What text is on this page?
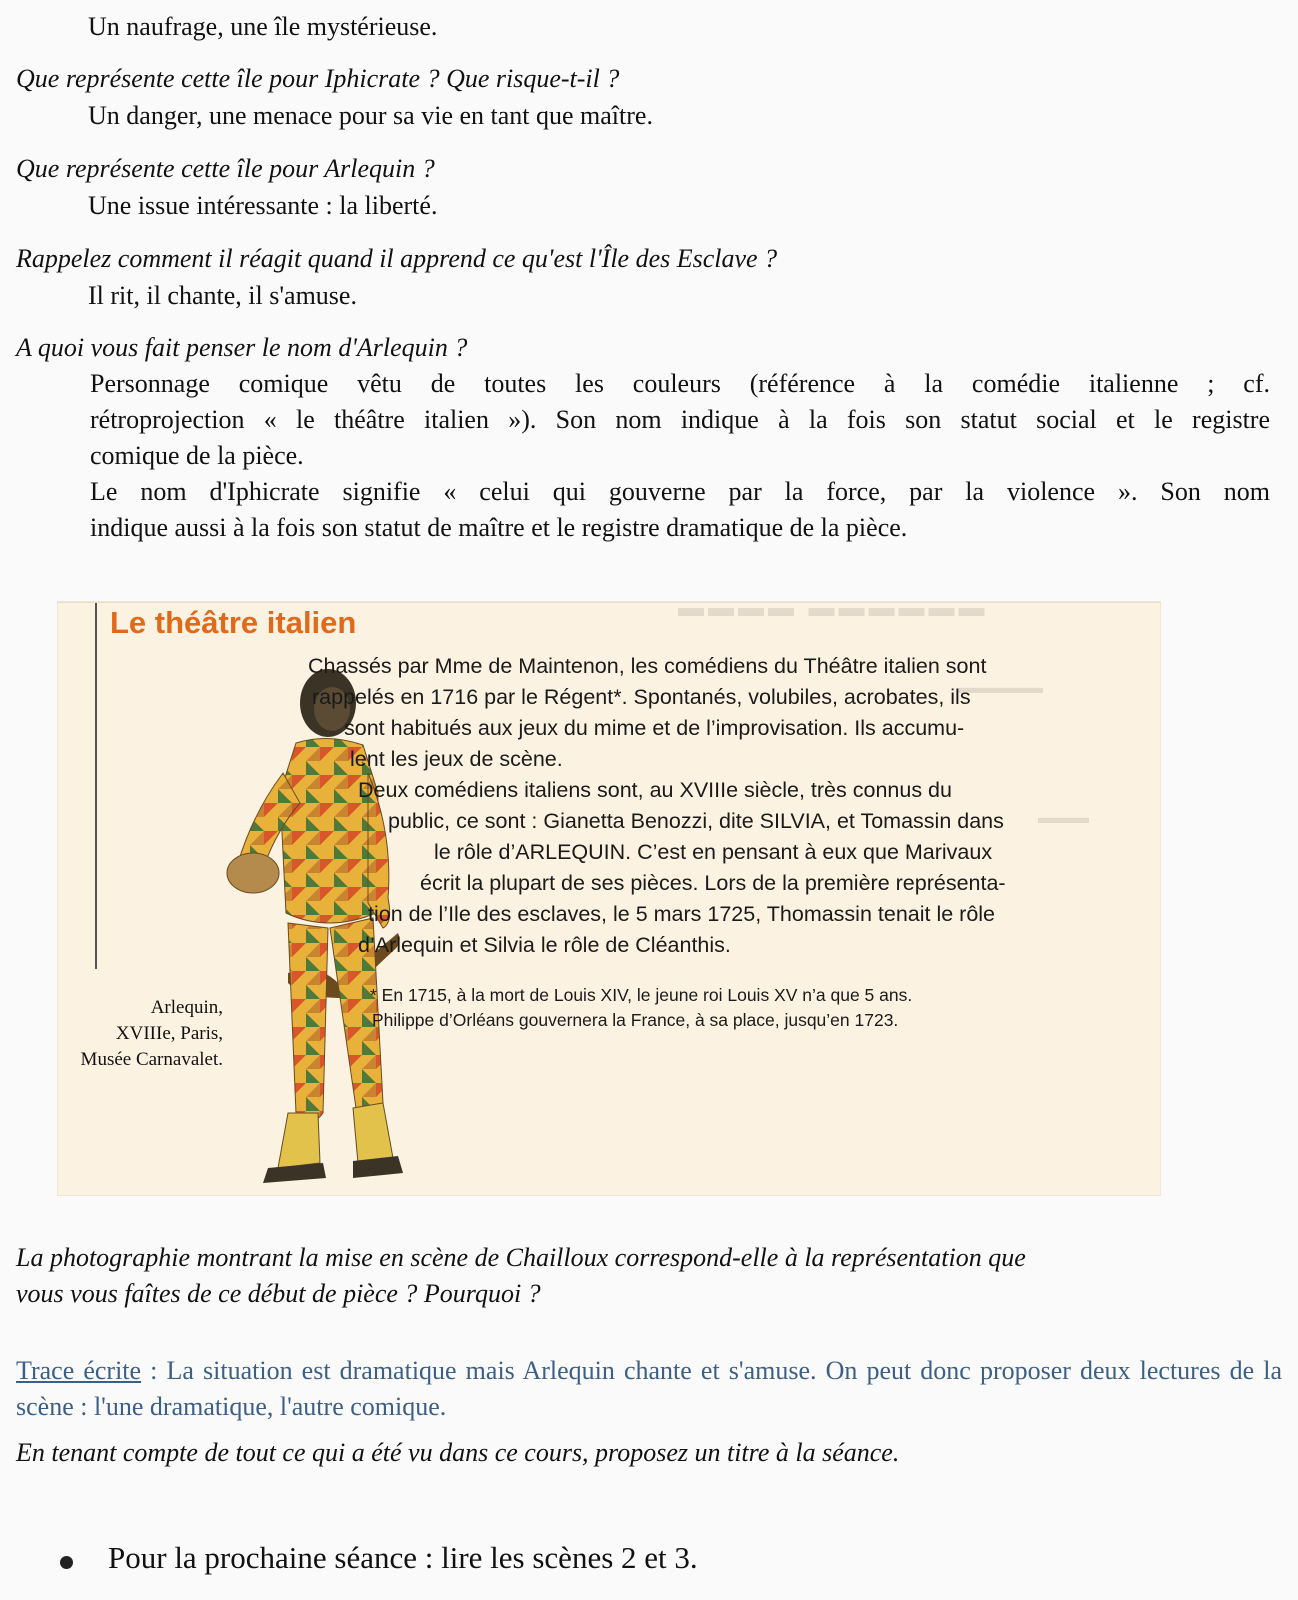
Un naufrage, une île mystérieuse.
Que représente cette île pour Iphicrate ? Que risque-t-il ?
Un danger, une menace pour sa vie en tant que maître.
Que représente cette île pour Arlequin ?
Une issue intéressante : la liberté.
Rappelez comment il réagit quand il apprend ce qu'est l'Île des Esclave ?
Il rit, il chante, il s'amuse.
A quoi vous fait penser le nom d'Arlequin ?
Personnage comique vêtu de toutes les couleurs (référence à la comédie italienne ; cf.
rétroprojection « le théâtre italien »). Son nom indique à la fois son statut social et le registre
comique de la pièce.
Le nom d'Iphicrate signifie « celui qui gouverne par la force, par la violence ». Son nom
indique aussi à la fois son statut de maître et le registre dramatique de la pièce.
Le théâtre italien	▬▬▬▬ ▬▬▬▬▬▬
▬▬▬▬▬
▬▬▬
Chassés par Mme de Maintenon, les comédiens du Théâtre italien sont
rappelés en 1716 par le Régent*. Spontanés, volubiles, acrobates, ils
sont habitués aux jeux du mime et de l’improvisation. Ils accumu-
lent les jeux de scène.
Deux comédiens italiens sont, au XVIIIe siècle, très connus du
public, ce sont : Gianetta Benozzi, dite SILVIA, et Tomassin dans
le rôle d’ARLEQUIN. C’est en pensant à eux que Marivaux
écrit la plupart de ses pièces. Lors de la première représenta-
tion de l’Ile des esclaves, le 5 mars 1725, Thomassin tenait le rôle
d’Arlequin et Silvia le rôle de Cléanthis.
* En 1715, à la mort de Louis XIV, le jeune roi Louis XV n’a que 5 ans.
Philippe d’Orléans gouvernera la France, à sa place, jusqu’en 1723.
Arlequin,
XVIIIe, Paris,
Musée Carnavalet.
La photographie montrant la mise en scène de Chailloux correspond-elle à la représentation que
vous vous faîtes de ce début de pièce ? Pourquoi ?
Trace écrite : La situation est dramatique mais Arlequin chante et s'amuse. On peut donc proposer deux lectures de la scène : l'une dramatique, l'autre comique.
En tenant compte de tout ce qui a été vu dans ce cours, proposez un titre à la séance.
Pour la prochaine séance : lire les scènes 2 et 3.
